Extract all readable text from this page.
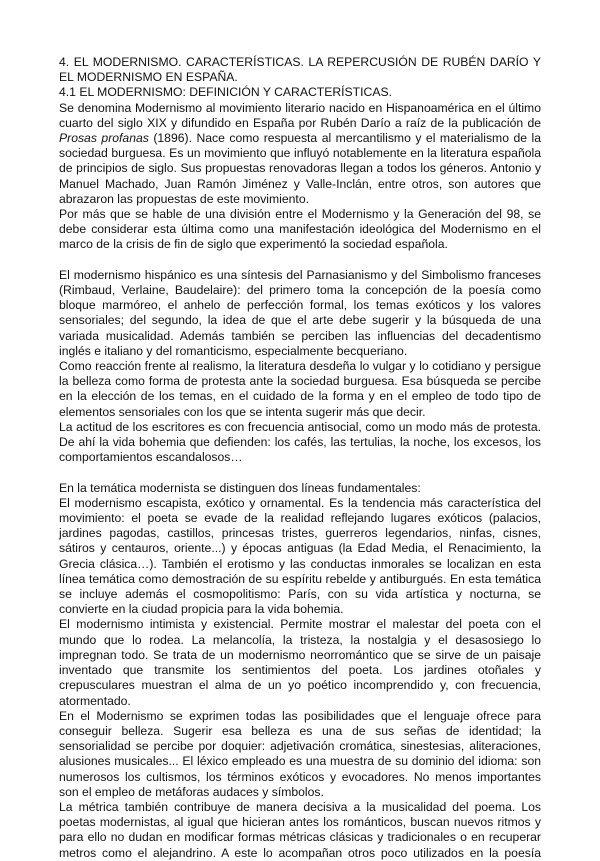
4. EL MODERNISMO. CARACTERÍSTICAS. LA REPERCUSIÓN DE RUBÉN DARÍO Y EL MODERNISMO EN ESPAÑA.

4.1 EL MODERNISMO: DEFINICIÓN Y CARACTERÍSTICAS.

Se denomina Modernismo al movimiento literario nacido en Hispanoamérica en el último cuarto del siglo XIX y difundido en España por Rubén Darío a raíz de la publicación de Prosas profanas (1896). Nace como respuesta al mercantilismo y el materialismo de la sociedad burguesa. Es un movimiento que influyó notablemente en la literatura española de principios de siglo. Sus propuestas renovadoras llegan a todos los géneros. Antonio y Manuel Machado, Juan Ramón Jiménez y Valle-Inclán, entre otros, son autores que abrazaron las propuestas de este movimiento.

Por más que se hable de una división entre el Modernismo y la Generación del 98, se debe considerar esta última como una manifestación ideológica del Modernismo en el marco de la crisis de fin de siglo que experimentó la sociedad española.

El modernismo hispánico es una síntesis del Parnasianismo y del Simbolismo franceses (Rimbaud, Verlaine, Baudelaire): del primero toma la concepción de la poesía como bloque marmóreo, el anhelo de perfección formal, los temas exóticos y los valores sensoriales; del segundo, la idea de que el arte debe sugerir y la búsqueda de una variada musicalidad. Además también se perciben las influencias del decadentismo inglés e italiano y del romanticismo, especialmente becqueriano.

Como reacción frente al realismo, la literatura desdeña lo vulgar y lo cotidiano y persigue la belleza como forma de protesta ante la sociedad burguesa. Esa búsqueda se percibe en la elección de los temas, en el cuidado de la forma y en el empleo de todo tipo de elementos sensoriales con los que se intenta sugerir más que decir.

La actitud de los escritores es con frecuencia antisocial, como un modo más de protesta. De ahí la vida bohemia que defienden: los cafés, las tertulias, la noche, los excesos, los comportamientos escandalosos…

En la temática modernista se distinguen dos líneas fundamentales:

El modernismo escapista, exótico y ornamental. Es la tendencia más característica del movimiento: el poeta se evade de la realidad reflejando lugares exóticos (palacios, jardines pagodas, castillos, princesas tristes, guerreros legendarios, ninfas, cisnes, sátiros y centauros, oriente...) y épocas antiguas (la Edad Media, el Renacimiento, la Grecia clásica…). También el erotismo y las conductas inmorales se localizan en esta línea temática como demostración de su espíritu rebelde y antiburgués. En esta temática se incluye además el cosmopolitismo: París, con su vida artística y nocturna, se convierte en la ciudad propicia para la vida bohemia.

El modernismo intimista y existencial. Permite mostrar el malestar del poeta con el mundo que lo rodea. La melancolía, la tristeza, la nostalgia y el desasosiego lo impregnan todo. Se trata de un modernismo neorromántico que se sirve de un paisaje inventado que transmite los sentimientos del poeta. Los jardines otoñales y crepusculares muestran el alma de un yo poético incomprendido y, con frecuencia, atormentado.

En el Modernismo se exprimen todas las posibilidades que el lenguaje ofrece para conseguir belleza. Sugerir esa belleza es una de sus señas de identidad; la sensorialidad se percibe por doquier: adjetivación cromática, sinestesias, aliteraciones, alusiones musicales... El léxico empleado es una muestra de su dominio del idioma: son numerosos los cultismos, los términos exóticos y evocadores. No menos importantes son el empleo de metáforas audaces y símbolos.

La métrica también contribuye de manera decisiva a la musicalidad del poema. Los poetas modernistas, al igual que hicieran antes los románticos, buscan nuevos ritmos y para ello no dudan en modificar formas métricas clásicas y tradicionales o en recuperar metros como el alejandrino. A este lo acompañan otros poco utilizados en la poesía
